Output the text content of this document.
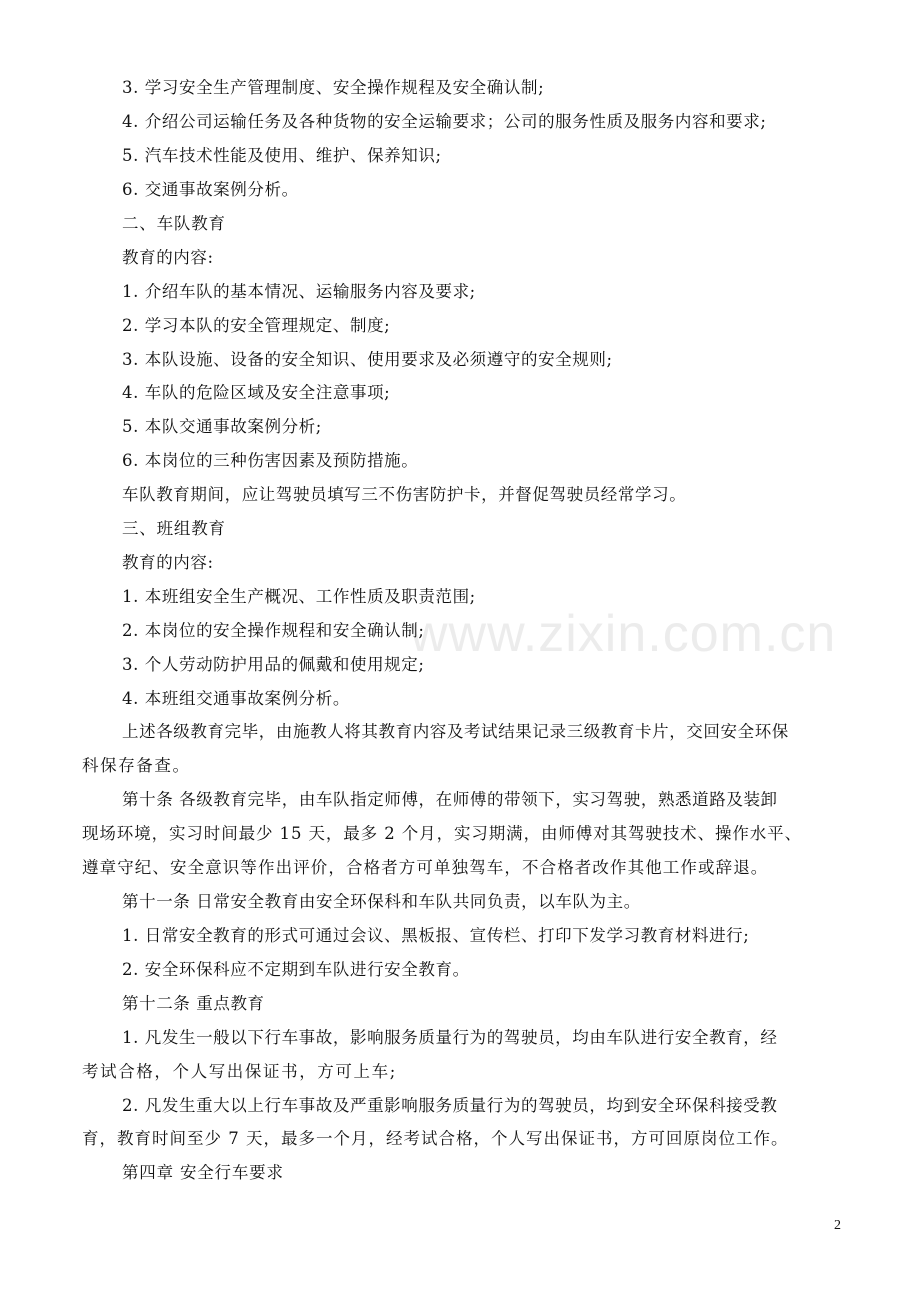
www.zixin.com.cn
3. 学习安全生产管理制度、安全操作规程及安全确认制;
4. 介绍公司运输任务及各种货物的安全运输要求；公司的服务性质及服务内容和要求;
5. 汽车技术性能及使用、维护、保养知识;
6. 交通事故案例分析。
二、车队教育
教育的内容:
1. 介绍车队的基本情况、运输服务内容及要求;
2. 学习本队的安全管理规定、制度;
3. 本队设施、设备的安全知识、使用要求及必须遵守的安全规则;
4. 车队的危险区域及安全注意事项;
5. 本队交通事故案例分析;
6. 本岗位的三种伤害因素及预防措施。
车队教育期间，应让驾驶员填写三不伤害防护卡，并督促驾驶员经常学习。
三、班组教育
教育的内容:
1. 本班组安全生产概况、工作性质及职责范围;
2. 本岗位的安全操作规程和安全确认制;
3. 个人劳动防护用品的佩戴和使用规定;
4. 本班组交通事故案例分析。
上述各级教育完毕，由施教人将其教育内容及考试结果记录三级教育卡片，交回安全环保
科保存备查。
第十条 各级教育完毕，由车队指定师傅，在师傅的带领下，实习驾驶，熟悉道路及装卸
现场环境，实习时间最少 15 天，最多 2 个月，实习期满，由师傅对其驾驶技术、操作水平、
遵章守纪、安全意识等作出评价，合格者方可单独驾车，不合格者改作其他工作或辞退。
第十一条 日常安全教育由安全环保科和车队共同负责，以车队为主。
1. 日常安全教育的形式可通过会议、黑板报、宣传栏、打印下发学习教育材料进行;
2. 安全环保科应不定期到车队进行安全教育。
第十二条 重点教育
1. 凡发生一般以下行车事故，影响服务质量行为的驾驶员，均由车队进行安全教育，经
考试合格，个人写出保证书，方可上车;
2. 凡发生重大以上行车事故及严重影响服务质量行为的驾驶员，均到安全环保科接受教
育，教育时间至少 7 天，最多一个月，经考试合格，个人写出保证书，方可回原岗位工作。
第四章 安全行车要求
2
